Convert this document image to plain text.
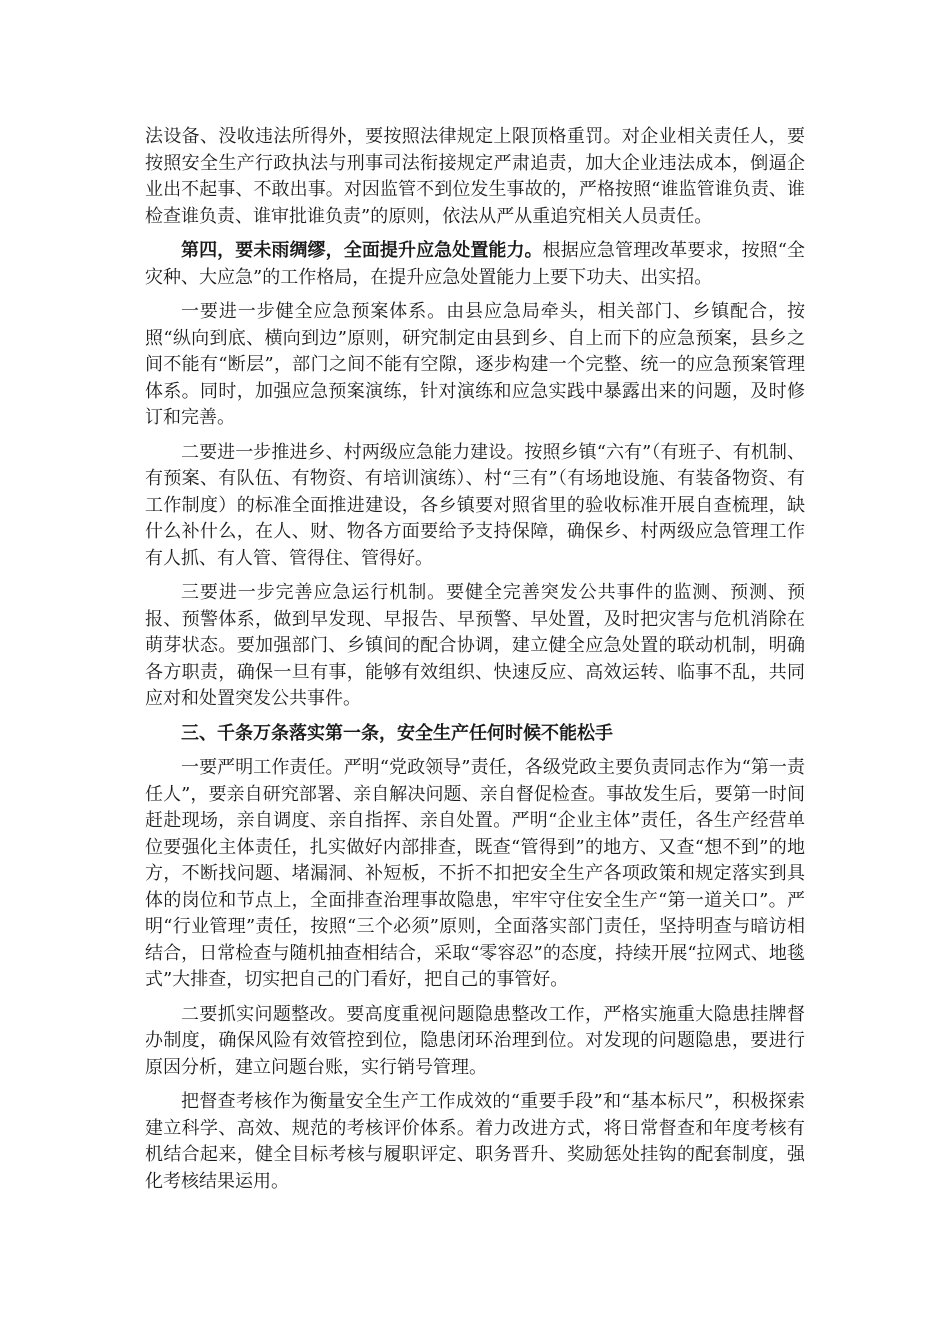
法设备、没收违法所得外，要按照法律规定上限顶格重罚。对企业相关责任人，要按照安全生产行政执法与刑事司法衔接规定严肃追责，加大企业违法成本，倒逼企业出不起事、不敢出事。对因监管不到位发生事故的，严格按照“谁监管谁负责、谁检查谁负责、谁审批谁负责”的原则，依法从严从重追究相关人员责任。

第四，要未雨绸缪，全面提升应急处置能力。根据应急管理改革要求，按照“全灾种、大应急”的工作格局，在提升应急处置能力上要下功夫、出实招。

一要进一步健全应急预案体系。由县应急局牵头，相关部门、乡镇配合，按照“纵向到底、横向到边”原则，研究制定由县到乡、自上而下的应急预案，县乡之间不能有“断层”，部门之间不能有空隙，逐步构建一个完整、统一的应急预案管理体系。同时，加强应急预案演练，针对演练和应急实践中暴露出来的问题，及时修订和完善。

二要进一步推进乡、村两级应急能力建设。按照乡镇“六有”（有班子、有机制、有预案、有队伍、有物资、有培训演练）、村“三有”（有场地设施、有装备物资、有工作制度）的标准全面推进建设，各乡镇要对照省里的验收标准开展自查梳理，缺什么补什么，在人、财、物各方面要给予支持保障，确保乡、村两级应急管理工作有人抓、有人管、管得住、管得好。

三要进一步完善应急运行机制。要健全完善突发公共事件的监测、预测、预报、预警体系，做到早发现、早报告、早预警、早处置，及时把灾害与危机消除在萌芽状态。要加强部门、乡镇间的配合协调，建立健全应急处置的联动机制，明确各方职责，确保一旦有事，能够有效组织、快速反应、高效运转、临事不乱，共同应对和处置突发公共事件。

三、千条万条落实第一条，安全生产任何时候不能松手

一要严明工作责任。严明“党政领导”责任，各级党政主要负责同志作为“第一责任人”，要亲自研究部署、亲自解决问题、亲自督促检查。事故发生后，要第一时间赶赴现场，亲自调度、亲自指挥、亲自处置。严明“企业主体”责任，各生产经营单位要强化主体责任，扎实做好内部排查，既查“管得到”的地方、又查“想不到”的地方，不断找问题、堵漏洞、补短板，不折不扣把安全生产各项政策和规定落实到具体的岗位和节点上，全面排查治理事故隐患，牢牢守住安全生产“第一道关口”。严明“行业管理”责任，按照“三个必须”原则，全面落实部门责任，坚持明查与暗访相结合，日常检查与随机抽查相结合，采取“零容忍”的态度，持续开展“拉网式、地毯式”大排查，切实把自己的门看好，把自己的事管好。

二要抓实问题整改。要高度重视问题隐患整改工作，严格实施重大隐患挂牌督办制度，确保风险有效管控到位，隐患闭环治理到位。对发现的问题隐患，要进行原因分析，建立问题台账，实行销号管理。

把督查考核作为衡量安全生产工作成效的“重要手段”和“基本标尺”，积极探索建立科学、高效、规范的考核评价体系。着力改进方式，将日常督查和年度考核有机结合起来，健全目标考核与履职评定、职务晋升、奖励惩处挂钩的配套制度，强化考核结果运用。
